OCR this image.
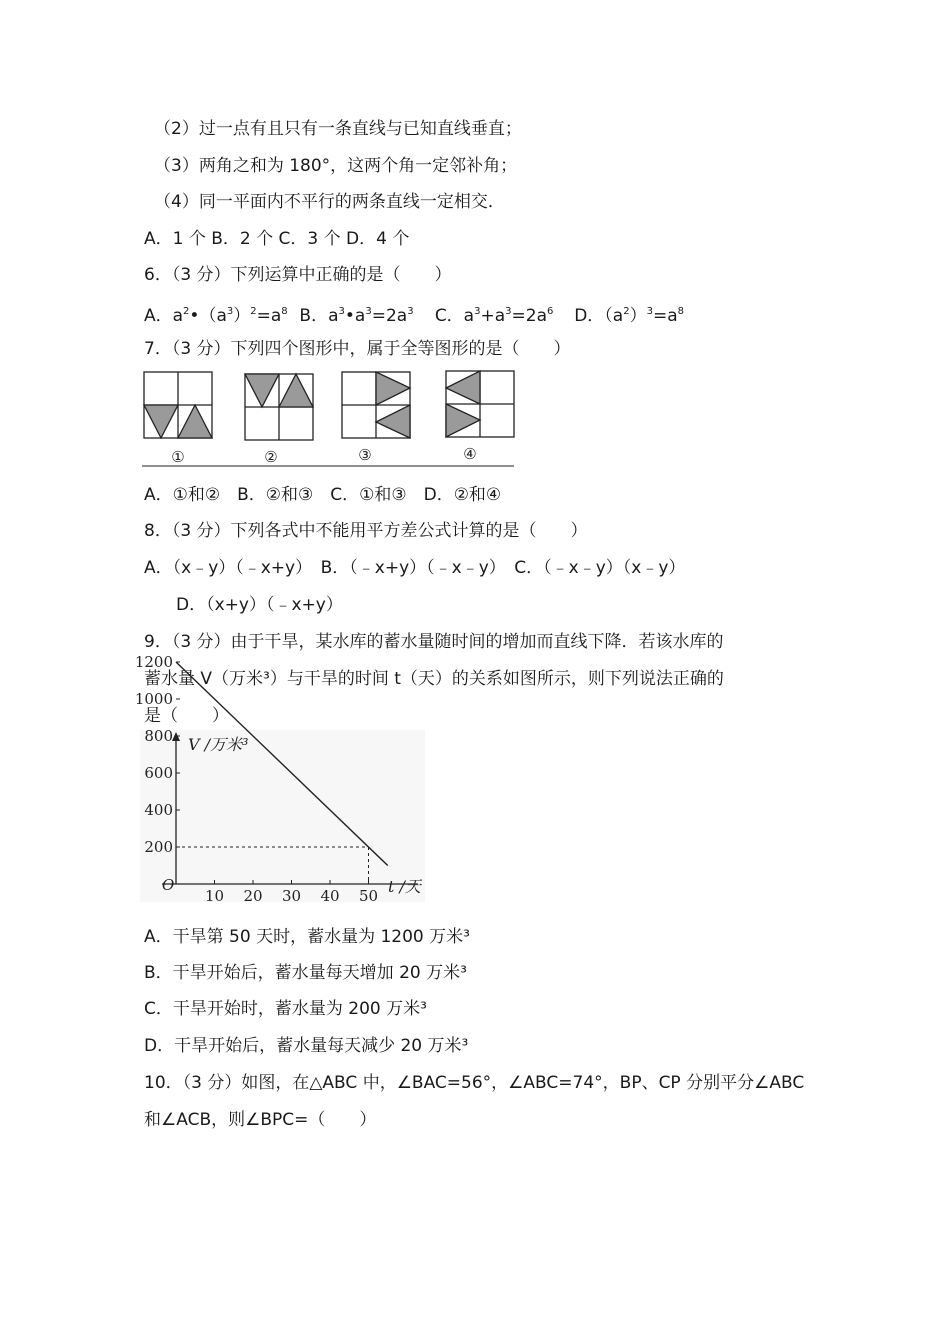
（2）过一点有且只有一条直线与已知直线垂直；
（3）两角之和为 180°，这两个角一定邻补角；
（4）同一平面内不平行的两条直线一定相交．
A．1 个 B．2 个 C．3 个 D．4 个
6．（3 分）下列运算中正确的是（　　）
A．$a^2•(a^3)^2=a^8$ B．$a^3•a^3=2a^3$ C．$a^3+a^3=2a^6$ D．$(a^2)^3=a^8$
7．（3 分）下列四个图形中，属于全等图形的是（　　）
①	②	③	④
A．①和②　B．②和③　C．①和③　D．②和④
8．（3 分）下列各式中不能用平方差公式计算的是（　　）
A．（x﹣y）（﹣x+y）　B．（﹣x+y）（﹣x﹣y）　C．（﹣x﹣y）（x﹣y）
D．（x+y）（﹣x+y）
9．（3 分）由于干旱，某水库的蓄水量随时间的增加而直线下降．若该水库的
蓄水量 V（万米³）与干旱的时间 t（天）的关系如图所示，则下列说法正确的
是（　　）
10 20 30 40 50
200
400
600
800
1000
1200
V /万米³
O	t /天
A．干旱第 50 天时，蓄水量为 1200 万米³
B．干旱开始后，蓄水量每天增加 20 万米³
C．干旱开始时，蓄水量为 200 万米³
D．干旱开始后，蓄水量每天减少 20 万米³
10．（3 分）如图，在△ABC 中，∠BAC=56°，∠ABC=74°，BP、CP 分别平分∠ABC
和∠ACB，则∠BPC=（　　）
